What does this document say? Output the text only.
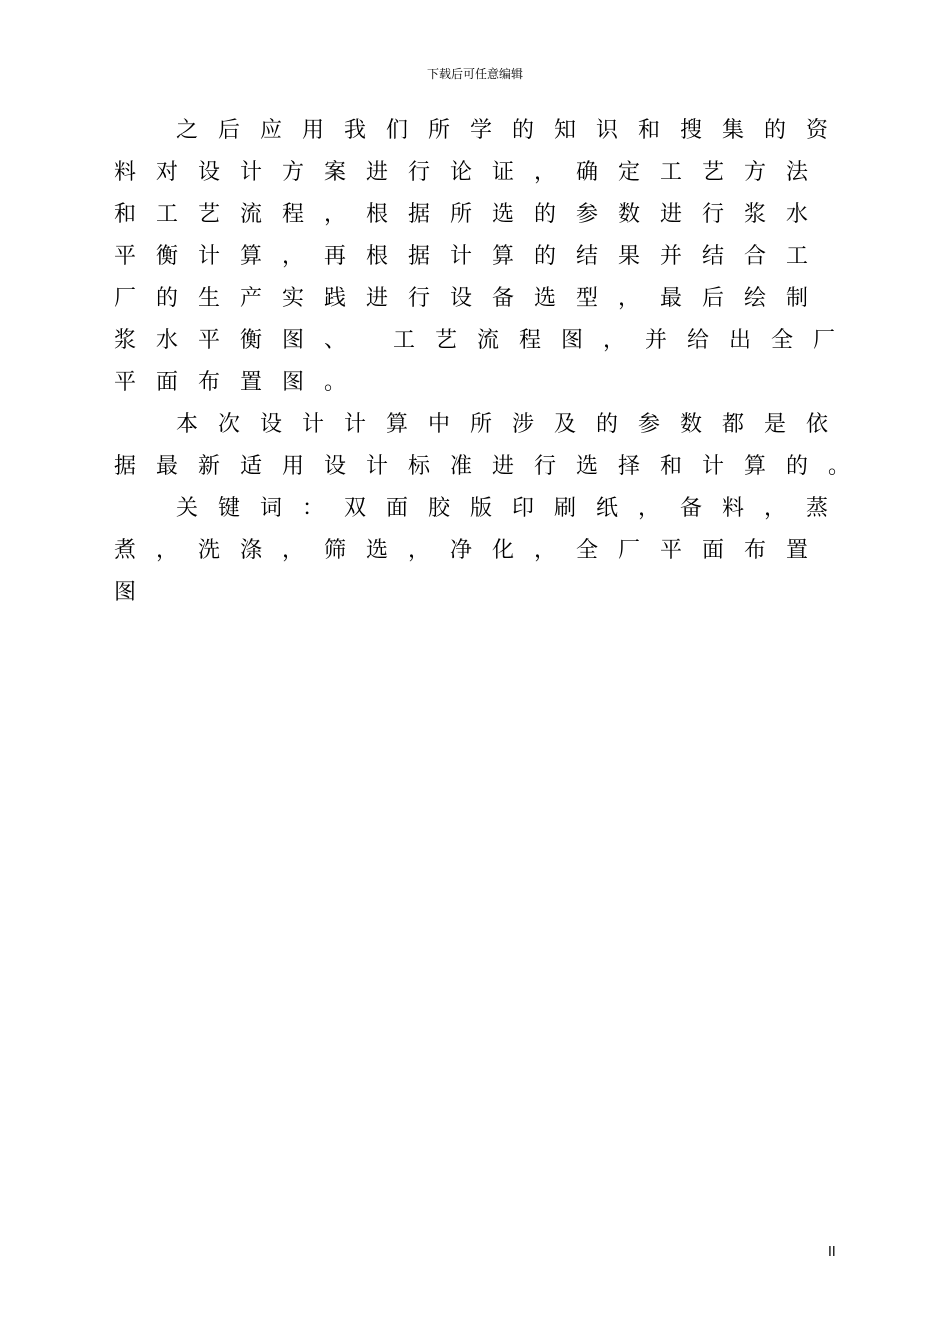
下载后可任意编辑
之后应用我们所学的知识和搜集的资
料对设计方案进行论证，确定工艺方法
和工艺流程，根据所选的参数进行浆水
平衡计算，再根据计算的结果并结合工
厂的生产实践进行设备选型，最后绘制
浆水平衡图、 工艺流程图，并给出全厂
平面布置图。
本次设计计算中所涉及的参数都是依
据最新适用设计标准进行选择和计算的。
关键词：双面胶版印刷纸，备料，蒸
煮，洗涤，筛选，净化，全厂平面布置
图
II
